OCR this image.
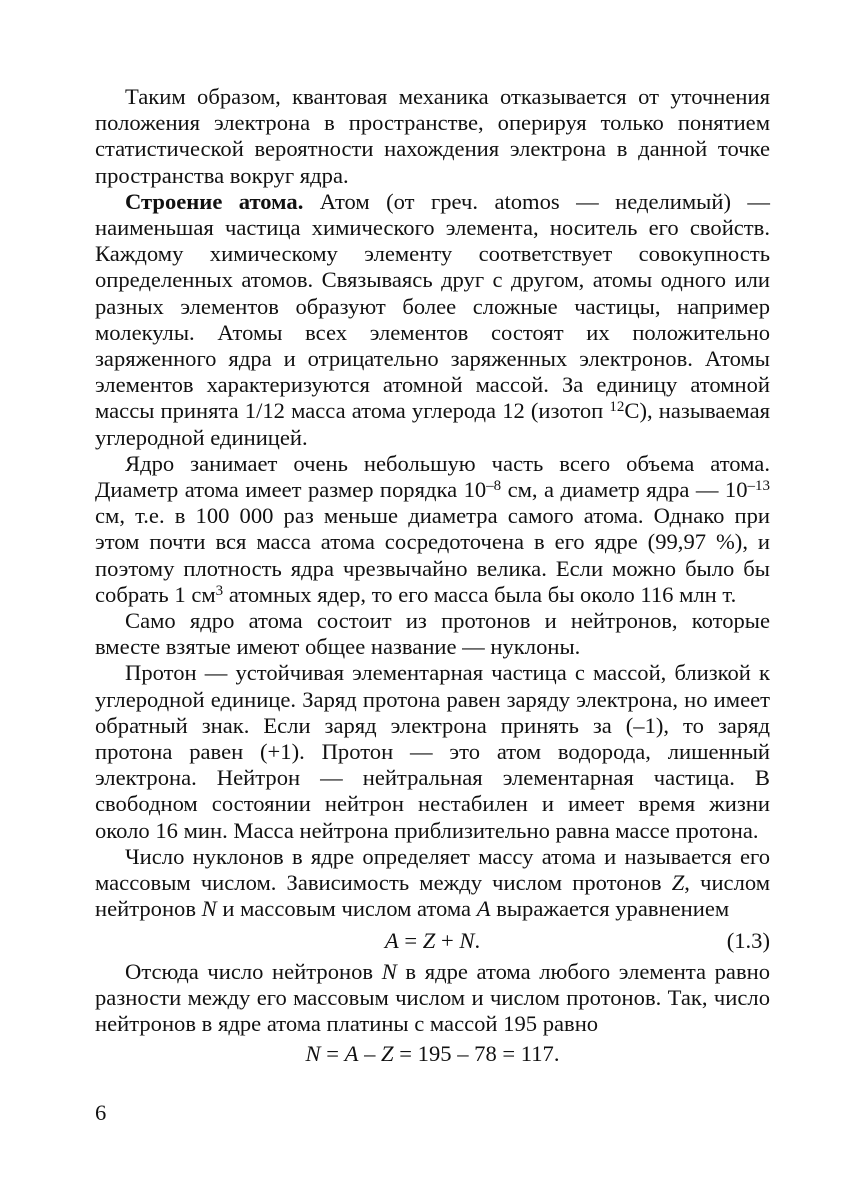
Таким образом, квантовая механика отказывается от уточнения положения электрона в пространстве, оперируя только понятием статистической вероятности нахождения электрона в данной точке пространства вокруг ядра.

Строение атома. Атом (от греч. atomos — неделимый) — наименьшая частица химического элемента, носитель его свойств. Каждому химическому элементу соответствует совокупность определенных атомов. Связываясь друг с другом, атомы одного или разных элементов образуют более сложные частицы, например молекулы. Атомы всех элементов состоят их положительно заряженного ядра и отрицательно заряженных электронов. Атомы элементов характеризуются атомной массой. За единицу атомной массы принята 1/12 масса атома углерода 12 (изотоп $^{12}$C), называемая углеродной единицей.

Ядро занимает очень небольшую часть всего объема атома. Диаметр атома имеет размер порядка $10^{-8}$ см, а диаметр ядра — $10^{-13}$ см, т.е. в 100 000 раз меньше диаметра самого атома. Однако при этом почти вся масса атома сосредоточена в его ядре (99,97 %), и поэтому плотность ядра чрезвычайно велика. Если можно было бы собрать 1 $см^3$ атомных ядер, то его масса была бы около 116 млн т.

Само ядро атома состоит из протонов и нейтронов, которые вместе взятые имеют общее название — нуклоны.

Протон — устойчивая элементарная частица с массой, близкой к углеродной единице. Заряд протона равен заряду электрона, но имеет обратный знак. Если заряд электрона принять за (–1), то заряд протона равен (+1). Протон — это атом водорода, лишенный электрона. Нейтрон — нейтральная элементарная частица. В свободном состоянии нейтрон нестабилен и имеет время жизни около 16 мин. Масса нейтрона приблизительно равна массе протона.

Число нуклонов в ядре определяет массу атома и называется его массовым числом. Зависимость между числом протонов Z, числом нейтронов N и массовым числом атома A выражается уравнением

A = Z + N.	(1.3)

Отсюда число нейтронов N в ядре атома любого элемента равно разности между его массовым числом и числом протонов. Так, число нейтронов в ядре атома платины с массой 195 равно

N = A – Z = 195 – 78 = 117.

6
